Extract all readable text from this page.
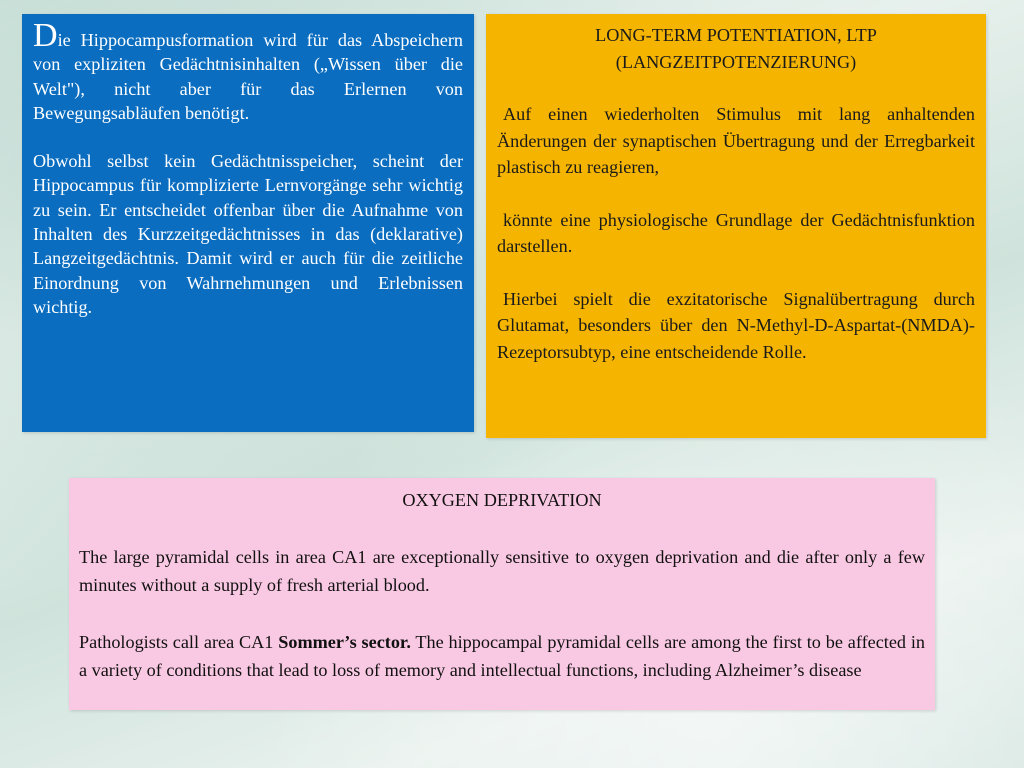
Die Hippocampusformation wird für das Abspeichern von expliziten Gedächtnisinhalten („Wissen über die Welt"), nicht aber für das Erlernen von Bewegungsabläufen benötigt.

Obwohl selbst kein Gedächtnisspeicher, scheint der Hippocampus für komplizierte Lernvorgänge sehr wichtig zu sein. Er entscheidet offenbar über die Aufnahme von Inhalten des Kurzzeitgedächtnisses in das (deklarative) Langzeitgedächtnis. Damit wird er auch für die zeitliche Einordnung von Wahrnehmungen und Erlebnissen wichtig.

LONG-TERM POTENTIATION, LTP
(LANGZEITPOTENZIERUNG)

Auf einen wiederholten Stimulus mit lang anhaltenden Änderungen der synaptischen Übertragung und der Erregbarkeit plastisch zu reagieren,

könnte eine physiologische Grundlage der Gedächtnisfunktion darstellen.

Hierbei spielt die exzitatorische Signalübertragung durch Glutamat, besonders über den N-Methyl-D-Aspartat-(NMDA)-Rezeptorsubtyp, eine entscheidende Rolle.

OXYGEN DEPRIVATION

The large pyramidal cells in area CA1 are exceptionally sensitive to oxygen deprivation and die after only a few minutes without a supply of fresh arterial blood.

Pathologists call area CA1 Sommer’s sector. The hippocampal pyramidal cells are among the first to be affected in a variety of conditions that lead to loss of memory and intellectual functions, including Alzheimer’s disease
